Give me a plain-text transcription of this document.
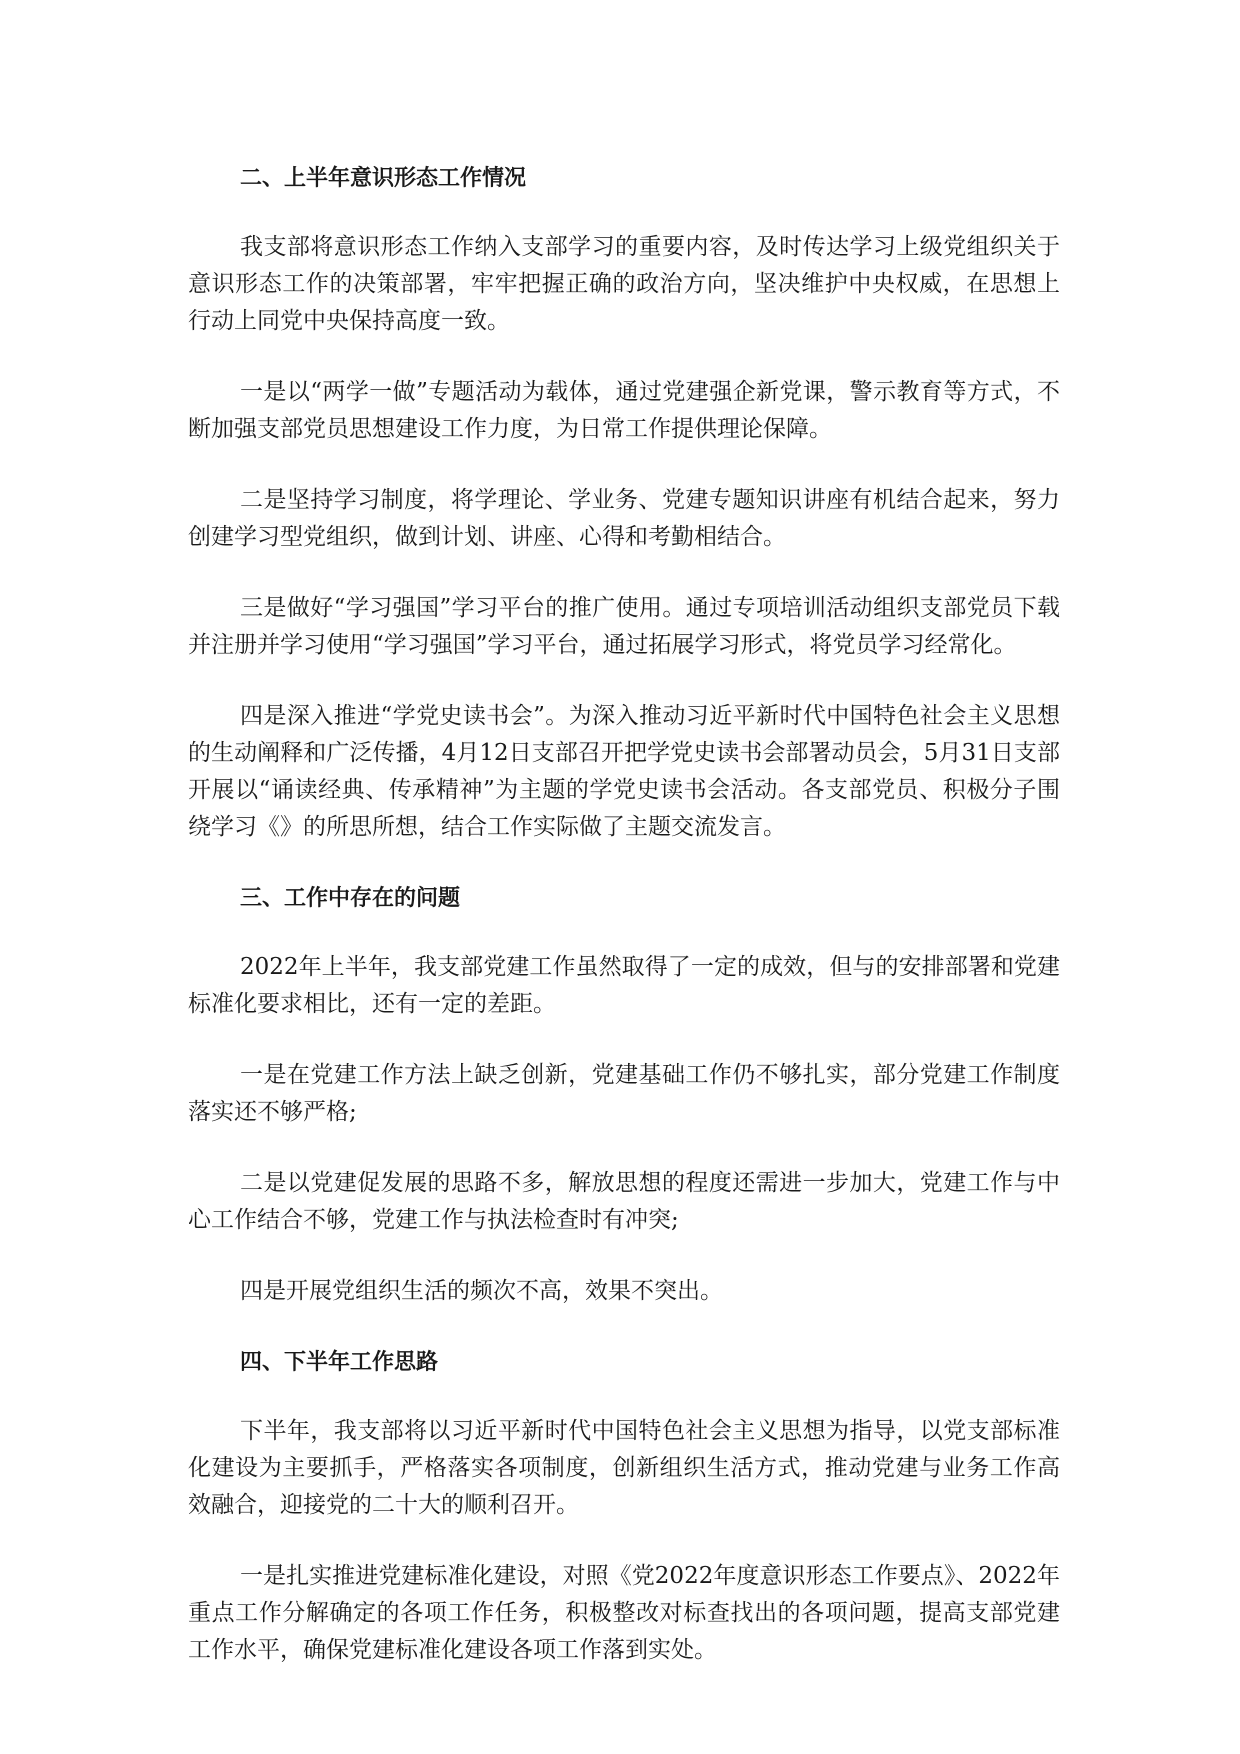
二、上半年意识形态工作情况

我支部将意识形态工作纳入支部学习的重要内容，及时传达学习上级党组织关于意识形态工作的决策部署，牢牢把握正确的政治方向，坚决维护中央权威，在思想上行动上同党中央保持高度一致。

一是以“两学一做”专题活动为载体，通过党建强企新党课，警示教育等方式，不断加强支部党员思想建设工作力度，为日常工作提供理论保障。

二是坚持学习制度，将学理论、学业务、党建专题知识讲座有机结合起来，努力创建学习型党组织，做到计划、讲座、心得和考勤相结合。

三是做好“学习强国”学习平台的推广使用。通过专项培训活动组织支部党员下载并注册并学习使用“学习强国”学习平台，通过拓展学习形式，将党员学习经常化。

四是深入推进“学党史读书会”。为深入推动习近平新时代中国特色社会主义思想的生动阐释和广泛传播，4月12日支部召开把学党史读书会部署动员会，5月31日支部开展以“诵读经典、传承精神”为主题的学党史读书会活动。各支部党员、积极分子围绕学习《》的所思所想，结合工作实际做了主题交流发言。

三、工作中存在的问题

2022年上半年，我支部党建工作虽然取得了一定的成效，但与的安排部署和党建标准化要求相比，还有一定的差距。

一是在党建工作方法上缺乏创新，党建基础工作仍不够扎实，部分党建工作制度落实还不够严格;

二是以党建促发展的思路不多，解放思想的程度还需进一步加大，党建工作与中心工作结合不够，党建工作与执法检查时有冲突;

四是开展党组织生活的频次不高，效果不突出。

四、下半年工作思路

下半年，我支部将以习近平新时代中国特色社会主义思想为指导，以党支部标准化建设为主要抓手，严格落实各项制度，创新组织生活方式，推动党建与业务工作高效融合，迎接党的二十大的顺利召开。

一是扎实推进党建标准化建设，对照《党2022年度意识形态工作要点》、2022年重点工作分解确定的各项工作任务，积极整改对标查找出的各项问题，提高支部党建工作水平，确保党建标准化建设各项工作落到实处。
